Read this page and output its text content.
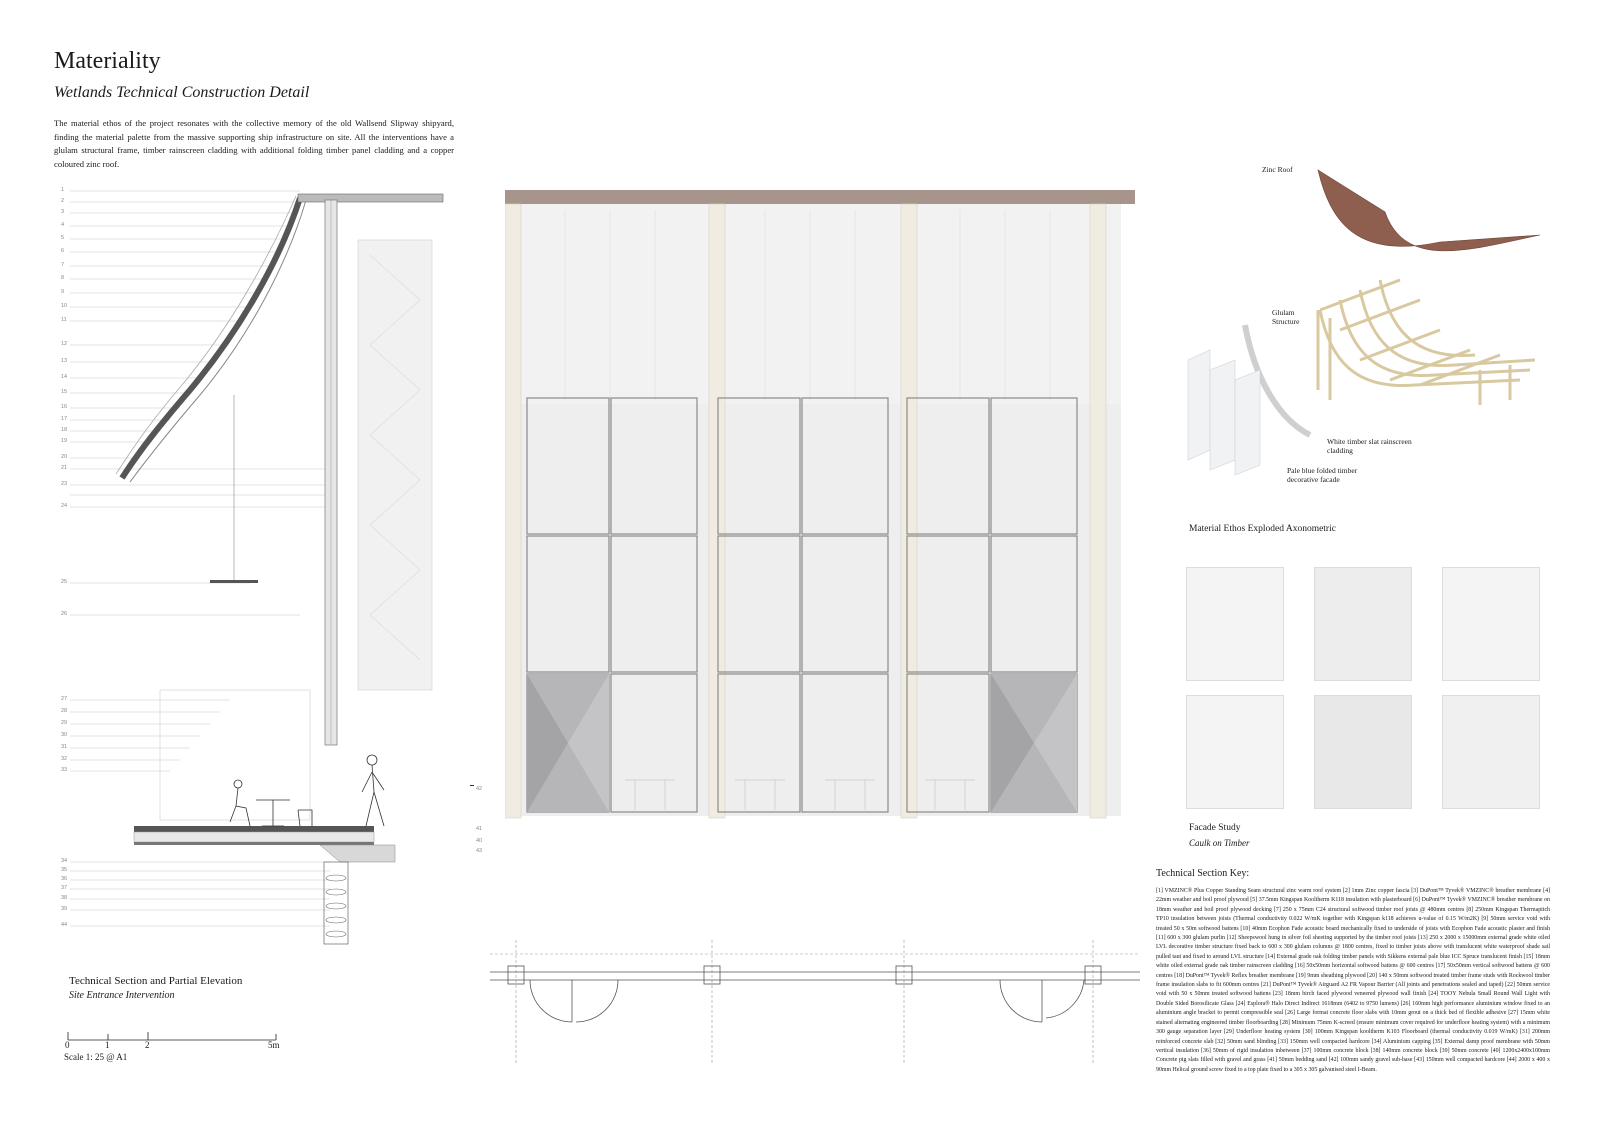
Materiality
Wetlands Technical Construction Detail
The material ethos of the project resonates with the collective memory of the old Wallsend Slipway shipyard, finding the material palette from the massive supporting ship infrastructure on site. All the interventions have a glulam structural frame, timber rainscreen cladding with additional folding timber panel cladding and a copper coloured zinc roof.
1
2
3
4
5
6
7
8
9
10
11
12
13
14
15
16
17
18
19
20
21
23
24
25
26
27
28
29
30
31
32
33
34
35
36
37
38
39
44
42
41
40
43
Technical Section and Partial Elevation
Site Entrance Intervention
0	1	2	5m
Scale 1: 25 @ A1
Zinc Roof
Glulam Structure
White timber slat rainscreen cladding
Pale blue folded timber decorative facade
Material Ethos Exploded Axonometric
Facade Study
Caulk on Timber
Technical Section Key:
[1] VMZINC® Plus Copper Standing Seam structural zinc warm roof system [2] 1mm Zinc copper fascia [3] DuPont™ Tyvek® VMZINC® breather membrane [4] 22mm weather and boil proof plywood [5] 37.5mm Kingspan Kooltherm K118 insulation with plasterboard [6] DuPont™ Tyvek® VMZINC® breather membrane on 18mm weather and boil proof plywood decking [7] 250 x 75mm C24 structural softwood timber roof joists @ 480mm centres [8] 250mm Kingspan Thermapitch TP10 insulation between joists (Thermal conductivity 0.022 W/mK together with Kingspan k118 achieves u-value of 0.15 W/m2K) [9] 50mm service void with treated 50 x 50m softwood battens [10] 40mm Ecophon Fade acoustic board mechanically fixed to underside of joists with Ecophon Fade acoustic plaster and finish [11] 600 x 300 glulam purlin [12] Sheepswool hung in silver foil sheeting supported by the timber roof joists [13] 250 x 2000 x 15000mm external grade white oiled LVL decorative timber structure fixed back to 600 x 300 glulam columns @ 1800 centres, fixed to timber joists above with translucent white waterproof shade sail pulled taut and fixed to around LVL structure [14] External grade oak folding timber panels with Sikkens external pale blue ICC Spruce translucent finish [15] 18mm white oiled external grade oak timber rainscreen cladding [16] 50x50mm horizontal softwood battens @ 600 centres [17] 50x50mm vertical softwood battens @ 600 centres [18] DuPont™ Tyvek® Reflex breather membrane [19] 9mm sheathing plywood [20] 140 x 50mm softwood treated timber frame studs with Rockwool timber frame insulation slabs to fit 600mm centres [21] DuPont™ Tyvek® Airguard A2 FR Vapour Barrier (All joints and penetrations sealed and taped) [22] 50mm service void with 50 x 50mm treated softwood battens [23] 18mm birch faced plywood veneered plywood wall finish [24] TOOY Nebula Small Round Wall Light with Double Sided Borosilicate Glass [24] Esplora® Halo Direct Indirect 1618mm (6402 to 9750 lumens) [26] 160mm high performance aluminium window fixed to an aluminium angle bracket to permit compressible seal [26] Large format concrete floor slabs with 10mm grout on a thick bed of flexible adhesive [27] 15mm white stained alternating engineered timber floorboarding [28] Minimum 75mm K-screed (ensure minimum cover required for underfloor heating system) with a minimum 300 gauge separation layer [29] Underfloor heating system [30] 100mm Kingspan kooltherm K103 Floorboard (thermal conductivity 0.019 W/mK) [31] 200mm reinforced concrete slab [32] 50mm sand blinding [33] 150mm well compacted hardcore [34] Aluminium capping [35] External damp proof membrane with 50mm vertical insulation [36] 50mm of rigid insulation inbetween [37] 100mm concrete block [38] 140mm concrete block [39] 50mm concrete [40] 1200x2400x100mm Concrete pig slats filled with gravel and grass [41] 50mm bedding sand [42] 100mm sandy gravel sub-base [43] 150mm well compacted hardcore [44] 2000 x 400 x 90mm Helical ground screw fixed to a top plate fixed to a 305 x 305 galvanised steel I-Beam.
